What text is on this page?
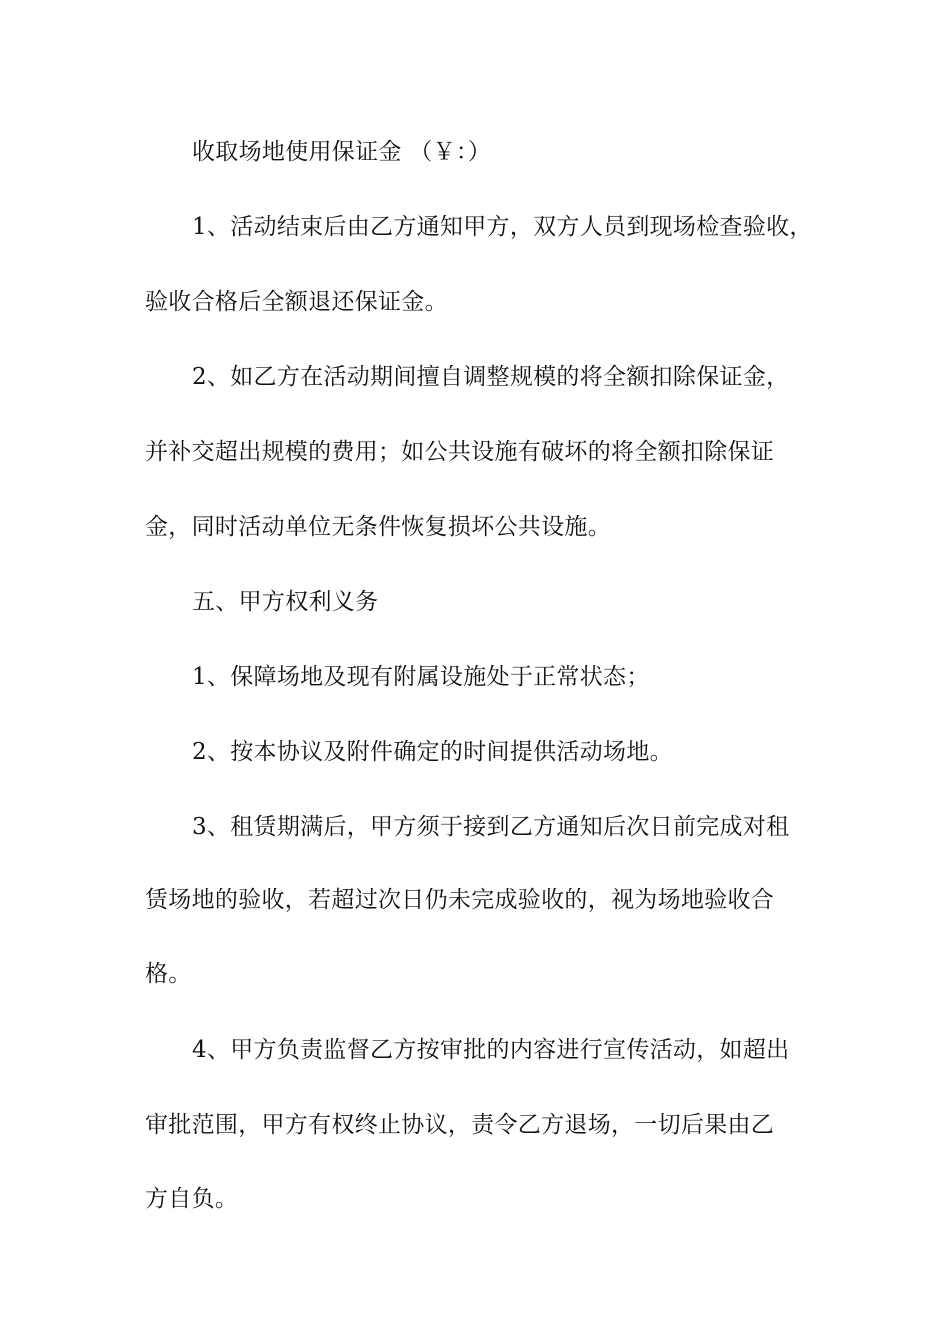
收取场地使用保证金 （￥：）
1、活动结束后由乙方通知甲方，双方人员到现场检查验收，
验收合格后全额退还保证金。
2、如乙方在活动期间擅自调整规模的将全额扣除保证金，
并补交超出规模的费用；如公共设施有破坏的将全额扣除保证
金，同时活动单位无条件恢复损坏公共设施。
五、甲方权利义务
1、保障场地及现有附属设施处于正常状态；
2、按本协议及附件确定的时间提供活动场地。
3、租赁期满后，甲方须于接到乙方通知后次日前完成对租
赁场地的验收，若超过次日仍未完成验收的，视为场地验收合
格。
4、甲方负责监督乙方按审批的内容进行宣传活动，如超出
审批范围，甲方有权终止协议，责令乙方退场，一切后果由乙
方自负。
